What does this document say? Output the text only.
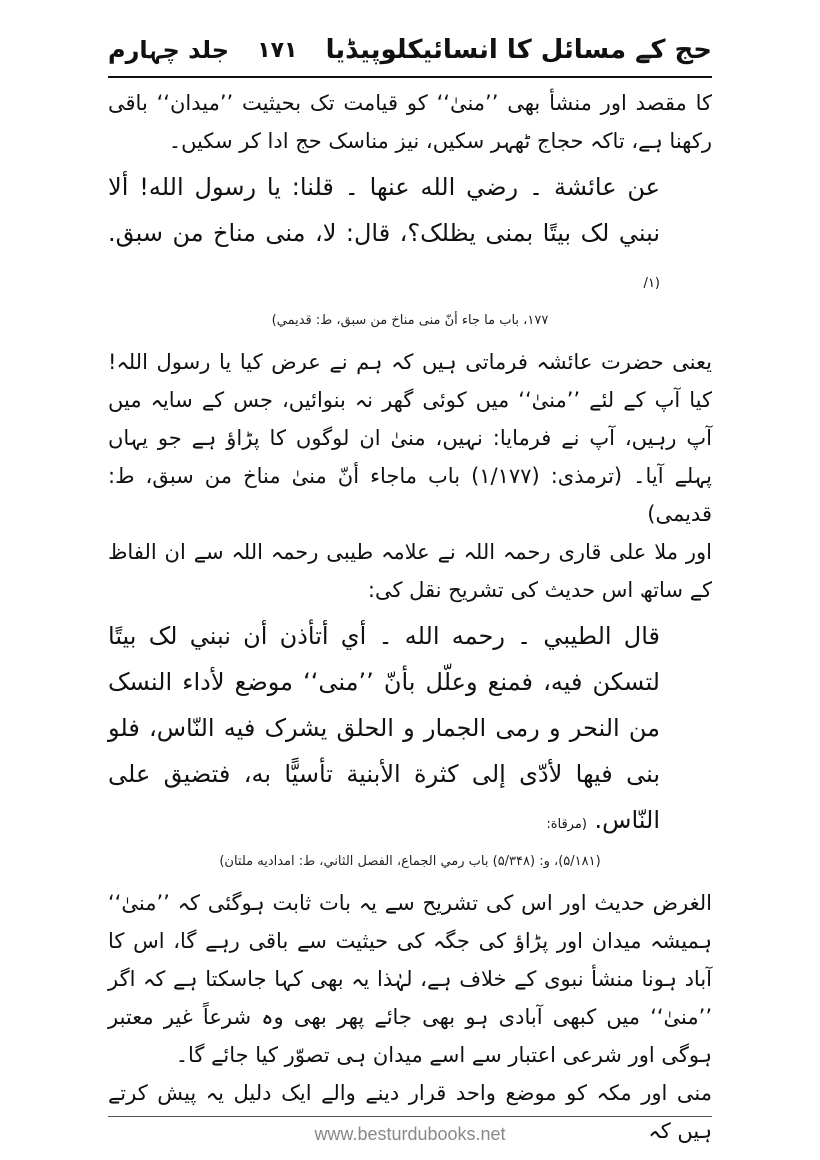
حج کے مسائل کا انسائیکلوپیڈیا
۱۷۱
جلد چہارم

کا مقصد اور منشأ بھی ’’منیٰ‘‘ کو قیامت تک بحیثیت ’’میدان‘‘ باقی رکھنا ہے، تاکہ حجاج ٹھہر سکیں، نیز مناسک حج ادا کر سکیں۔

عن عائشة ۔ رضي الله عنها ۔ قلنا: يا رسول الله! ألا نبني لک بيتًا بمنى يظلک؟، قال: لا، منى مناخ من سبق. (۱/

۱۷۷، باب ما جاء أنّ منى مناخ من سبق، ط: قديمي)

یعنی حضرت عائشہ فرماتی ہیں کہ ہم نے عرض کیا یا رسول اللہ! کیا آپ کے لئے ’’منیٰ‘‘ میں کوئی گھر نہ بنوائیں، جس کے سایہ میں آپ رہیں، آپ نے فرمایا: نہیں، منیٰ ان لوگوں کا پڑاؤ ہے جو یہاں پہلے آیا۔ (ترمذی: (۱/۱۷۷) باب ماجاء أنّ منیٰ مناخ من سبق، ط: قدیمی)

اور ملا علی قاری رحمہ اللہ نے علامہ طیبی رحمہ اللہ سے ان الفاظ کے ساتھ اس حدیث کی تشریح نقل کی:

قال الطيبي ۔ رحمه الله ۔ أي أتأذن أن نبني لک بيتًا لتسكن فيه، فمنع وعلّل بأنّ ’’منى‘‘ موضع لأداء النسک من النحر و رمى الجمار و الحلق يشرک فيه النّاس، فلو بنى فيها لأدّى إلى كثرة الأبنية تأسيًّا به، فتضيق على النّاس. (مرقاة:

(۵/۱۸۱)، و: (۵/۳۴۸) باب رمي الجماع، الفصل الثاني، ط: امداديه ملتان)

الغرض حدیث اور اس کی تشریح سے یہ بات ثابت ہوگئی کہ ’’منیٰ‘‘ ہمیشہ میدان اور پڑاؤ کی جگہ کی حیثیت سے باقی رہے گا، اس کا آباد ہونا منشأ نبوی کے خلاف ہے، لہٰذا یہ بھی کہا جاسکتا ہے کہ اگر ’’منیٰ‘‘ میں کبھی آبادی ہو بھی جائے پھر بھی وہ شرعاً غیر معتبر ہوگی اور شرعی اعتبار سے اسے میدان ہی تصوّر کیا جائے گا۔

منی اور مکہ کو موضع واحد قرار دینے والے ایک دلیل یہ پیش کرتے ہیں کہ

www.besturdubooks.net
